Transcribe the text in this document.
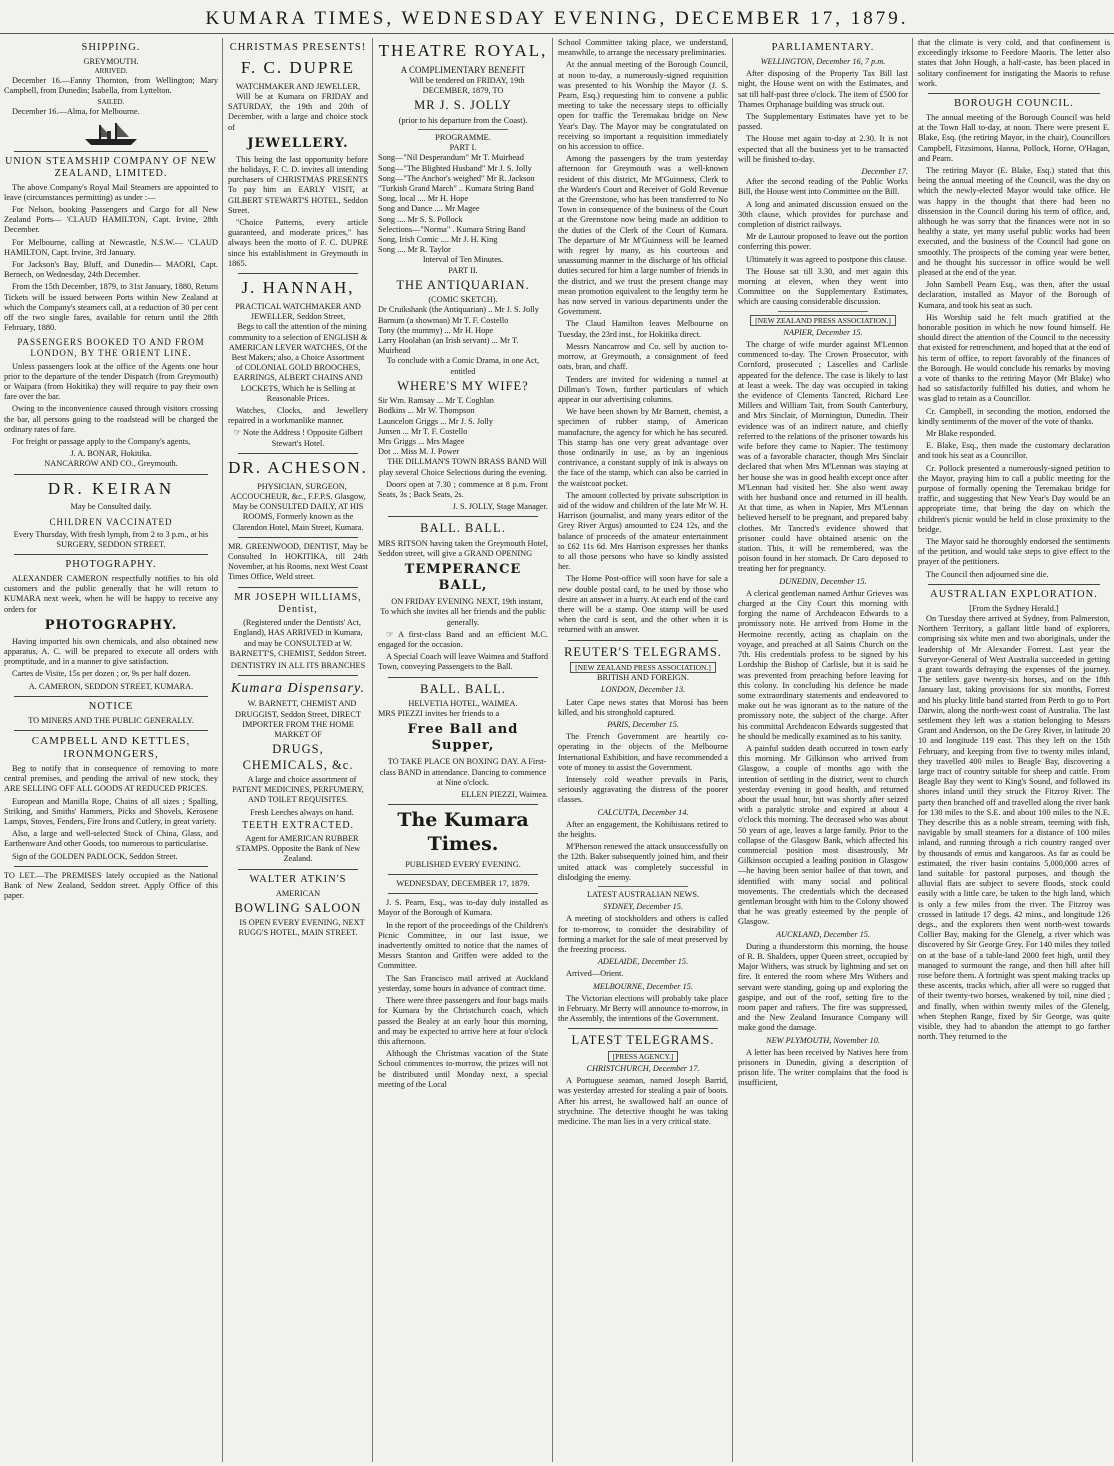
KUMARA TIMES, WEDNESDAY EVENING, DECEMBER 17, 1879.
SHIPPING.
GREYMOUTH.
ARRIVED.

December 16.—Fanny Thornton, from Wellington; Mary Campbell, from Dunedin; Isabella, from Lyttelton.

SAILED.

December 16.—Alma, for Melbourne.

UNION STEAMSHIP COMPANY OF NEW ZEALAND, LIMITED.

The above Company's Royal Mail Steamers are appointed to leave (circumstances permitting) as under :—

For Nelson, booking Passengers and Cargo for all New Zealand Ports— 'CLAUD HAMILTON, Capt. Irvine, 28th December.

For Melbourne, calling at Newcastle, N.S.W.— 'CLAUD HAMILTON, Capt. Irvine, 3rd January.

For Jackson's Bay, Bluff, and Dunedin— MAORI, Capt. Bernech, on Wednesday, 24th December.

From the 15th December, 1879, to 31st January, 1880, Return Tickets will be issued between Ports within New Zealand at which the Company's steamers call, at a reduction of 30 per cent off the two single fares, available for return until the 28th February, 1880.

PASSENGERS BOOKED TO AND FROM LONDON, BY THE ORIENT LINE.

Unless passengers look at the office of the Agents one hour prior to the departure of the tender Dispatch (from Greymouth) or Waipara (from Hokitika) they will require to pay their own fare over the bar.

Owing to the inconvenience caused through visitors crossing the bar, all persons going to the roadstead will be charged the ordinary rates of fare.

For freight or passage apply to the Company's agents,

J. A. BONAR, Hokitika.
NANCARROW AND CO., Greymouth.
DR. KEIRAN
May be Consulted daily.
CHILDREN VACCINATED
Every Thursday, With fresh lymph, from 2 to 3 p.m., at his SURGERY, SEDDON STREET.
PHOTOGRAPHY.

ALEXANDER CAMERON respectfully notifies to his old customers and the public generally that he will return to KUMARA next week, when he will be happy to receive any orders for

PHOTOGRAPHY.

Having imported his own chemicals, and also obtained new apparatus, A. C. will be prepared to execute all orders with promptitude, and in a manner to give satisfaction.

Cartes de Visite, 15s per dozen ; or, 9s per half dozen.

A. CAMERON, SEDDON STREET, KUMARA.
NOTICE
TO MINERS AND THE PUBLIC GENERALLY.
CAMPBELL AND KETTLES, IRONMONGERS,

Beg to notify that in consequence of removing to more central premises, and pending the arrival of new stock, they ARE SELLING OFF ALL GOODS AT REDUCED PRICES.

European and Manilla Rope, Chains of all sizes ; Spalling, Striking, and Smiths' Hammers, Picks and Shovels, Kerosene Lamps, Stoves, Fenders, Fire Irons and Cutlery, in great variety.

Also, a large and well-selected Stock of China, Glass, and Earthenware And other Goods, too numerous to particularise.

Sign of the GOLDEN PADLOCK, Seddon Street.

TO LET.—The PREMISES lately occupied as the National Bank of New Zealand, Seddon street. Apply Office of this paper.

CHRISTMAS PRESENTS!
F. C. DUPRE
WATCHMAKER AND JEWELLER,

Will be at Kumara on FRIDAY and SATURDAY, the 19th and 20th of December, with a large and choice stock of

JEWELLERY.

This being the last opportunity before the holidays, F. C. D. invites all intending purchasers of CHRISTMAS PRESENTS To pay him an EARLY VISIT, at GILBERT STEWART'S HOTEL, Seddon Street.

"Choice Patterns, every article guaranteed, and moderate prices," has always been the motto of F. C. DUPRE since his establishment in Greymouth in 1865.

J. HANNAH,
PRACTICAL WATCHMAKER AND JEWELLER, Seddon Street,

Begs to call the attention of the mining community to a selection of ENGLISH & AMERICAN LEVER WATCHES, Of the Best Makers; also, a Choice Assortment of COLONIAL GOLD BROOCHES, EARRINGS, ALBERT CHAINS AND LOCKETS, Which he is Selling at Reasonable Prices.

Watches, Clocks, and Jewellery repaired in a workmanlike manner.

☞ Note the Address ! Opposite Gilbert Stewart's Hotel.
DR. ACHESON.

PHYSICIAN, SURGEON, ACCOUCHEUR, &c., F.F.P.S. Glasgow, May be CONSULTED DAILY, AT HIS ROOMS, Formerly known as the Clarendon Hotel, Main Street, Kumara.

MR. GREENWOOD, DENTIST, May be Consulted In HOKITIKA, till 24th November, at his Rooms, next West Coast Times Office, Weld street.

MR JOSEPH WILLIAMS, Dentist,

(Registered under the Dentists' Act, England), HAS ARRIVED in Kumara, and may be CONSULTED at W. BARNETT'S, CHEMIST, Seddon Street.

DENTISTRY IN ALL ITS BRANCHES
Kumara Dispensary.

W. BARNETT, CHEMIST AND DRUGGIST, Seddon Street, DIRECT IMPORTER FROM THE HOME MARKET OF

DRUGS, CHEMICALS, &c.

A large and choice assortment of PATENT MEDICINES, PERFUMERY, AND TOILET REQUISITES.

Fresh Leeches always on hand.

TEETH EXTRACTED.

Agent for AMERICAN RUBBER STAMPS. Opposite the Bank of New Zealand.

WALTER ATKIN'S
AMERICAN
BOWLING SALOON

IS OPEN EVERY EVENING, NEXT RUGG'S HOTEL, MAIN STREET.

THEATRE ROYAL,
A COMPLIMENTARY BENEFIT

Will be tendered on FRIDAY, 19th DECEMBER, 1879, TO

MR J. S. JOLLY
(prior to his departure from the Coast).
PROGRAMME.
PART I.
Song—"Nil Desperandum" Mr T. Muirhead
Song—"The Blighted Husband" Mr J. S. Jolly
Song—"The Anchor's weighed" Mr R. Jackson
"Turkish Grand March" .. Kumara String Band
Song, local .... Mr H. Hope
Song and Dance .... Mr Magee
Song .... Mr S. S. Pollock
Selections—"Norma" . Kumara String Band
Song, Irish Comic .... Mr J. H. King
Song .... Mr R. Taylor
Interval of Ten Minutes.
PART II.
THE ANTIQUARIAN.
(COMIC SKETCH).
Dr Cruikshank (the Antiquarian) .. Mr J. S. Jolly
Barnum (a showman) Mr T. F. Costello
Tony (the mummy) ... Mr H. Hope
Larry Hoolahan (an Irish servant) ... Mr T. Muirhead
To conclude with a Comic Drama, in one Act, entitled
WHERE'S MY WIFE?
Sir Wm. Ramsay ... Mr T. Coghlan
Bodkins ... Mr W. Thompson
Launcelott Griggs ... Mr J. S. Jolly
Junsen ... Mr T. F. Costello
Mrs Griggs ... Mrs Magee
Dot ... Miss M. J. Power

THE DILLMAN'S TOWN BRASS BAND Will play several Choice Selections during the evening.

Doors open at 7.30 ; commence at 8 p.m. Front Seats, 3s ; Back Seats, 2s.

J. S. JOLLY, Stage Manager.
BALL. BALL.

MRS RITSON having taken the Greymouth Hotel, Seddon street, will give a GRAND OPENING

TEMPERANCE BALL,

ON FRIDAY EVENING NEXT, 19th instant, To which she invites all her friends and the public generally.

☞ A first-class Band and an efficient M.C. engaged for the occasion.

A Special Coach will leave Waimea and Stafford Town, conveying Passengers to the Ball.

BALL. BALL.
HELVETIA HOTEL, WAIMEA.

MRS PIEZZI invites her friends to a

Free Ball and Supper,

TO TAKE PLACE ON BOXING DAY. A First-class BAND in attendance. Dancing to commence at Nine o'clock.

ELLEN PIEZZI, Waimea.
The Kumara Times.
PUBLISHED EVERY EVENING.
WEDNESDAY, DECEMBER 17, 1879.

J. S. Pearn, Esq., was to-day duly installed as Mayor of the Borough of Kumara.

In the report of the proceedings of the Children's Picnic Committee, in our last issue, we inadvertently omitted to notice that the names of Messrs Stanton and Griffen were added to the Committee.

The San Francisco mail arrived at Auckland yesterday, some hours in advance of contract time.

There were three passengers and four bags mails for Kumara by the Christchurch coach, which passed the Bealey at an early hour this morning, and may be expected to arrive here at four o'clock this afternoon.

Although the Christmas vacation of the State School commences to-morrow, the prizes will not be distributed until Monday next, a special meeting of the Local

School Committee taking place, we understand, meanwhile, to arrange the necessary preliminaries.

At the annual meeting of the Borough Council, at noon to-day, a numerously-signed requisition was presented to his Worship the Mayor (J. S. Pearn, Esq.) requesting him to convene a public meeting to take the necessary steps to officially open for traffic the Teremakau bridge on New Year's Day. The Mayor may be congratulated on receiving so important a requisition immediately on his accession to office.

Among the passengers by the tram yesterday afternoon for Greymouth was a well-known resident of this district, Mr M'Guinness, Clerk to the Warden's Court and Receiver of Gold Revenue at the Greenstone, who has been transferred to No Town in consequence of the business of the Court at the Greenstone now being made an addition to the duties of the Clerk of the Court of Kumara. The departure of Mr M'Guinness will be learned with regret by many, as his courteous and unassuming manner in the discharge of his official duties secured for him a large number of friends in the district, and we trust the present change may mean promotion equivalent to the lengthy term he has now served in various departments under the Government.

The Claud Hamilton leaves Melbourne on Tuesday, the 23rd inst., for Hokitika direct.

Messrs Nancarrow and Co. sell by auction to-morrow, at Greymouth, a consignment of feed oats, bran, and chaff.

Tenders are invited for widening a tunnel at Dillman's Town, further particulars of which appear in our advertising columns.

We have been shown by Mr Barnett, chemist, a specimen of rubber stamp, of American manufacture, the agency for which he has secured. This stamp has one very great advantage over those ordinarily in use, as by an ingenious contrivance, a constant supply of ink is always on the face of the stamp, which can also be carried in the waistcoat pocket.

The amount collected by private subscription in aid of the widow and children of the late Mr W. H. Harrison (journalist, and many years editor of the Grey River Argus) amounted to £24 12s, and the balance of proceeds of the amateur entertainment to £62 11s 6d. Mrs Harrison expresses her thanks to all those persons who have so kindly assisted her.

The Home Post-office will soon have for sale a new double postal card, to be used by those who desire an answer in a hurry. At each end of the card there will be a stamp. One stamp will be used when the card is sent, and the other when it is returned with an answer.

REUTER'S TELEGRAMS.
[NEW ZEALAND PRESS ASSOCIATION.]
BRITISH AND FOREIGN.
LONDON, December 13.

Later Cape news states that Morosi has been killed, and his stronghold captured.

PARIS, December 15.

The French Government are heartily co-operating in the objects of the Melbourne International Exhibition, and have recommended a vote of money to assist the Government.

Intensely cold weather prevails in Paris, seriously aggravating the distress of the poorer classes.

CALCUTTA, December 14.

After an engagement, the Kohibistans retired to the heights.

M'Pherson renewed the attack unsuccessfully on the 12th. Baker subsequently joined him, and their united attack was completely successful in dislodging the enemy.

LATEST AUSTRALIAN NEWS.
SYDNEY, December 15.

A meeting of stockholders and others is called for to-morrow, to consider the desirability of forming a market for the sale of meat preserved by the freezing process.

ADELAIDE, December 15.

Arrived—Orient.

MELBOURNE, December 15.

The Victorian elections will probably take place in February. Mr Berry will announce to-morrow, in the Assembly, the intentions of the Government.

LATEST TELEGRAMS.
[PRESS AGENCY.]
CHRISTCHURCH, December 17.

A Portuguese seaman, named Joseph Barrid, was yesterday arrested for stealing a pair of boots. After his arrest, he swallowed half an ounce of strychnine. The detective thought he was taking medicine. The man lies in a very critical state.

PARLIAMENTARY.
WELLINGTON, December 16, 7 p.m.

After disposing of the Property Tax Bill last night, the House went on with the Estimates, and sat till half-past three o'clock. The item of £500 for Thames Orphanage building was struck out.

The Supplementary Estimates have yet to be passed.

The House met again to-day at 2.30. It is not expected that all the business yet to be transacted will be finished to-day.

December 17.

After the second reading of the Public Works Bill, the House went into Committee on the Bill.

A long and animated discussion ensued on the 30th clause, which provides for purchase and completion of district railways.

Mr de Lautour proposed to leave out the portion conferring this power.

Ultimately it was agreed to postpone this clause.

The House sat till 3.30, and met again this morning at eleven, when they went into Committee on the Supplementary Estimates, which are causing considerable discussion.

[NEW ZEALAND PRESS ASSOCIATION.]
NAPIER, December 15.

The charge of wife murder against M'Lennon commenced to-day. The Crown Prosecutor, with Cornford, prosecuted ; Lascelles and Carlisle appeared for the defence. The case is likely to last at least a week. The day was occupied in taking the evidence of Clements Tancred, Richard Lee Millers and William Tait, from South Canterbury, and Mrs Sinclair, of Mornington, Dunedin. Their evidence was of an indirect nature, and chiefly referred to the relations of the prisoner towards his wife before they came to Napier. The testimony was of a favorable character, though Mrs Sinclair declared that when Mrs M'Lennan was staying at her house she was in good health except once after M'Lennan had visited her. She also went away with her husband once and returned in ill health. At that time, as when in Napier, Mrs M'Lennan believed herself to be pregnant, and prepared baby clothes. Mr Tancred's evidence showed that prisoner could have obtained arsenic on the station. This, it will be remembered, was the poison found in her stomach. Dr Caro deposed to treating her for pregnancy.

DUNEDIN, December 15.

A clerical gentleman named Arthur Grieves was charged at the City Court this morning with forging the name of Archdeacon Edwards to a promissory note. He arrived from Home in the Hermoine recently, acting as chaplain on the voyage, and preached at all Saints Church on the 7th. His credentials profess to be signed by his Lordship the Bishop of Carlisle, but it is said he was prevented from preaching before leaving for this colony. In concluding his defence he made some extraordinary statements and endeavored to make out he was ignorant as to the nature of the promissory note, the subject of the charge. After his committal Archdeacon Edwards suggested that he should be medically examined as to his sanity.

A painful sudden death occurred in town early this morning. Mr Gilkinson who arrived from Glasgow, a couple of months ago with the intention of settling in the district, went to church yesterday evening in good health, and returned about the usual hour, but was shortly after seized with a paralytic stroke and expired at about 4 o'clock this morning. The deceased who was about 50 years of age, leaves a large family. Prior to the collapse of the Glasgow Bank, which affected his commercial position most disastrously, Mr Gilkinson occupied a leading position in Glasgow—he having been senior bailee of that town, and identified with many social and political movements. The credentials which the deceased gentleman brought with him to the Colony showed that he was greatly esteemed by the people of Glasgow.

AUCKLAND, December 15.

During a thunderstorm this morning, the house of R. B. Shalders, upper Queen street, occupied by Major Withers, was struck by lightning and set on fire. It entered the room where Mrs Withers and servant were standing, going up and exploring the gaspipe, and out of the roof, setting fire to the room paper and rafters. The fire was suppressed, and the New Zealand Insurance Company will make good the damage.

NEW PLYMOUTH, November 10.

A letter has been received by Natives here from prisoners in Dunedin, giving a description of prison life. The writer complains that the food is insufficient,

that the climate is very cold, and that confinement is exceedingly irksome to Feedore Maoris. The letter also states that John Hough, a half-caste, has been placed in solitary confinement for instigating the Maoris to refuse work.

BOROUGH COUNCIL.

The annual meeting of the Borough Council was held at the Town Hall to-day, at noon. There were present E. Blake, Esq. (the retiring Mayor, in the chair), Councillors Campbell, Fitzsimons, Hanna, Pollock, Horne, O'Hagan, and Pearn.

The retiring Mayor (E. Blake, Esq.) stated that this being the annual meeting of the Council, was the day on which the newly-elected Mayor would take office. He was happy in the thought that there had been no dissension in the Council during his term of office, and, although he was sorry that the finances were not in so healthy a state, yet many useful public works had been executed, and the business of the Council had gone on smoothly. The prospects of the coming year were better, and he thought his successor in office would be well pleased at the end of the year.

John Sambell Pearn Esq., was then, after the usual declaration, installed as Mayor of the Borough of Kumara, and took his seat as such.

His Worship said he felt much gratified at the honorable position in which he now found himself. He should direct the attention of the Council to the necessity that existed for retrenchment, and hoped that at the end of his term of office, to report favorably of the finances of the Borough. He would conclude his remarks by moving a vote of thanks to the retiring Mayor (Mr Blake) who had so satisfactorily fulfilled his duties, and whom he was glad to retain as a Councillor.

Cr. Campbell, in seconding the motion, endorsed the kindly sentiments of the mover of the vote of thanks.

Mr Blake responded.

E. Blake, Esq., then made the customary declaration and took his seat as a Councillor.

Cr. Pollock presented a numerously-signed petition to the Mayor, praying him to call a public meeting for the purpose of formally opening the Teremakau bridge for traffic, and suggesting that New Year's Day would be an appropriate time, that being the day on which the children's picnic would be held in close proximity to the bridge.

The Mayor said he thoroughly endorsed the sentiments of the petition, and would take steps to give effect to the prayer of the petitioners.

The Council then adjourned sine die.

AUSTRALIAN EXPLORATION.
[From the Sydney Herald.]

On Tuesday there arrived at Sydney, from Palmerston, Northern Territory, a gallant little band of explorers, comprising six white men and two aboriginals, under the leadership of Mr Alexander Forrest. Last year the Surveyor-General of West Australia succeeded in getting a grant towards defraying the expenses of the journey. The settlers gave twenty-six horses, and on the 18th January last, taking provisions for six months, Forrest and his plucky little band started from Perth to go to Port Darwin, along the north-west coast of Australia. The last settlement they left was a station belonging to Messrs Grant and Anderson, on the De Grey River, in latitude 20 10 and longitude 119 east. This they left on the 15th February, and keeping from five to twenty miles inland, they travelled 400 miles to Beagle Bay, discovering a large tract of country suitable for sheep and cattle. From Beagle Bay they went to King's Sound, and followed its shores inland until they struck the Fitzroy River. The party then branched off and travelled along the river bank for 130 miles to the S.E. and about 100 miles to the N.E. They describe this as a noble stream, teeming with fish, navigable by small steamers for a distance of 100 miles inland, and running through a rich country ranged over by thousands of emus and kangaroos. As far as could be estimated, the river basin contains 5,000,000 acres of land suitable for pastoral purposes, and though the alluvial flats are subject to severe floods, stock could easily with a little care, be taken to the high land, which is only a few miles from the river. The Fitzroy was crossed in latitude 17 degs. 42 mins., and longitude 126 degs., and the explorers then went north-west towards Collier Bay, making for the Glenelg, a river which was discovered by Sir George Grey. For 140 miles they toiled on at the base of a table-land 2000 feet high, until they managed to surmount the range, and then hill after hill rose before them. A fortnight was spent making tracks up these ascents, tracks which, after all were so rugged that of their twenty-two horses, weakened by toil, nine died ; and finally, when within twenty miles of the Glenelg, when Stephen Range, fixed by Sir George, was quite visible, they had to abandon the attempt to go farther north. They returned to the
